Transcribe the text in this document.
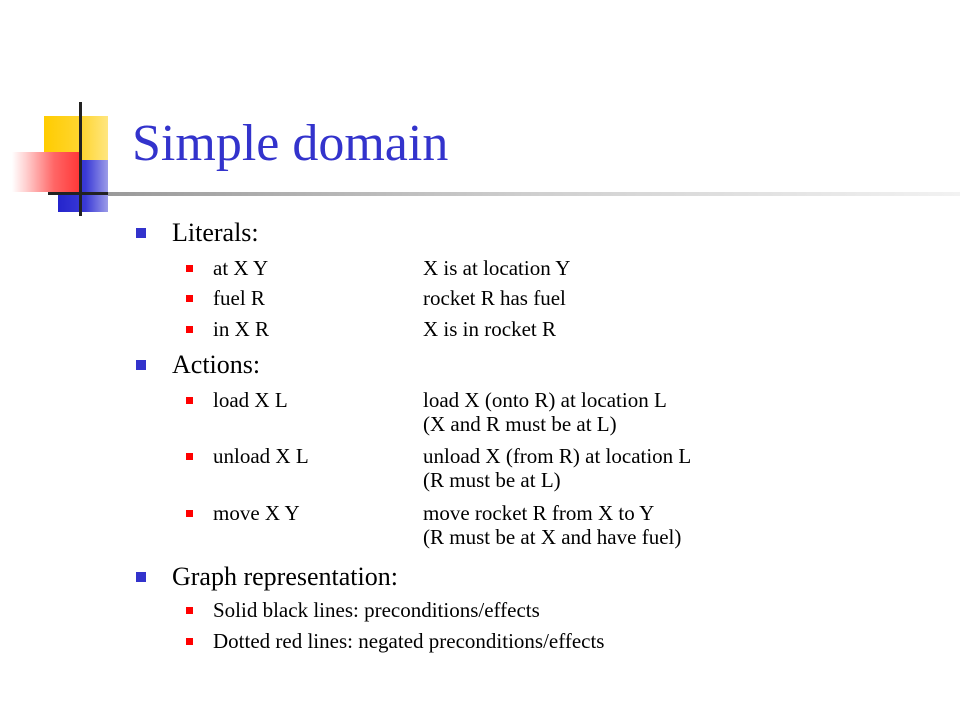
Simple domain
Literals:
at X Y	X is at location Y
fuel R	rocket R has fuel
in X R	X is in rocket R
Actions:
load X L	load X (onto R) at location L
(X and R must be at L)
unload X L	unload X (from R) at location L
(R must be at L)
move X Y	move rocket R from X to Y
(R must be at X and have fuel)
Graph representation:
Solid black lines: preconditions/effects
Dotted red lines: negated preconditions/effects
